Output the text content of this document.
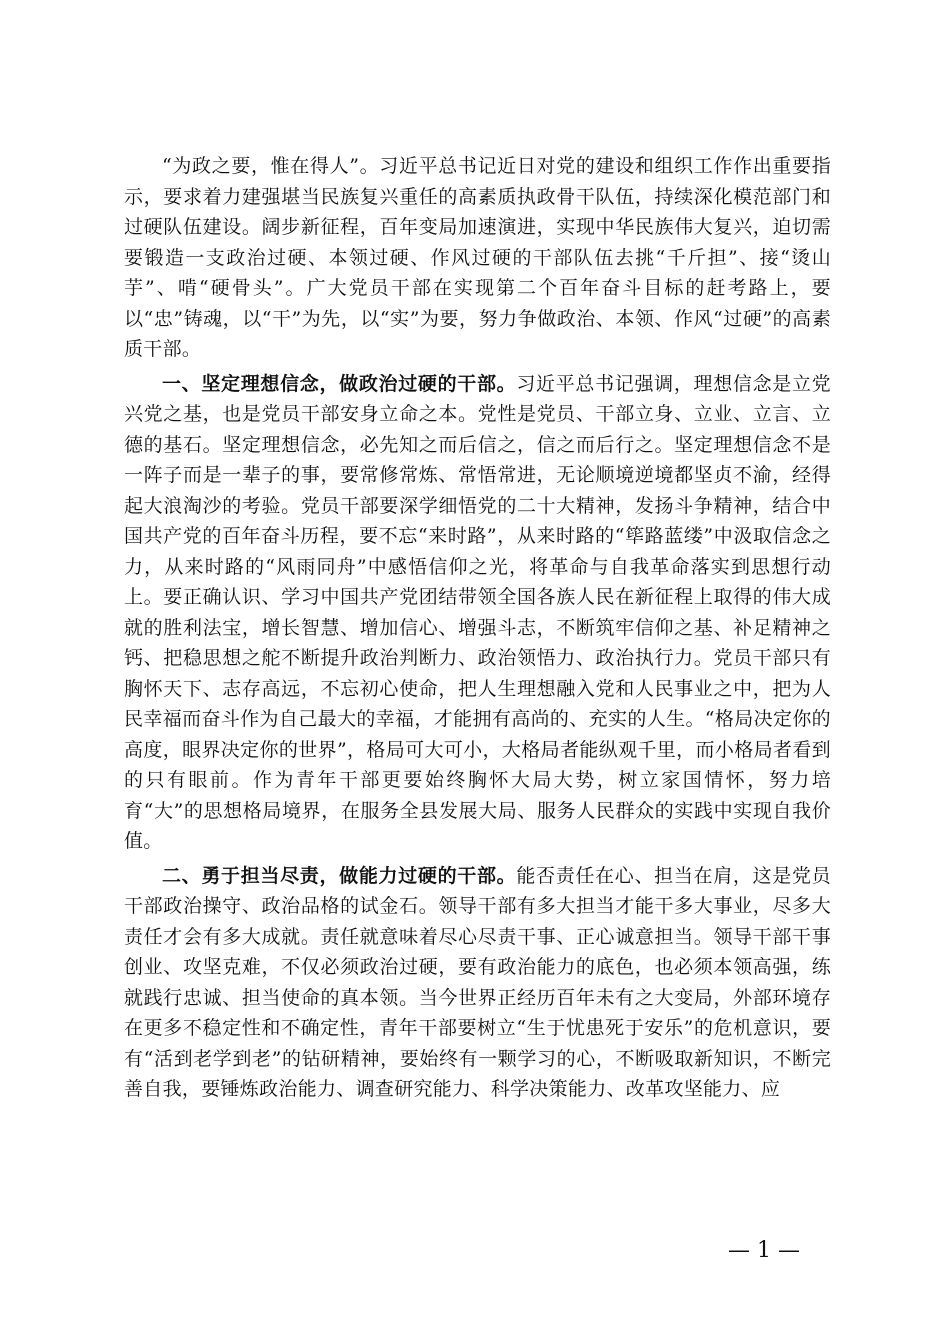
“为政之要，惟在得人”。习近平总书记近日对党的建设和组织工作作出重要指示，要求着力建强堪当民族复兴重任的高素质执政骨干队伍，持续深化模范部门和过硬队伍建设。阔步新征程，百年变局加速演进，实现中华民族伟大复兴，迫切需要锻造一支政治过硬、本领过硬、作风过硬的干部队伍去挑“千斤担”、接“烫山芋”、啃“硬骨头”。广大党员干部在实现第二个百年奋斗目标的赶考路上，要以“忠”铸魂，以“干”为先，以“实”为要，努力争做政治、本领、作风“过硬”的高素质干部。

一、坚定理想信念，做政治过硬的干部。习近平总书记强调，理想信念是立党兴党之基，也是党员干部安身立命之本。党性是党员、干部立身、立业、立言、立德的基石。坚定理想信念，必先知之而后信之，信之而后行之。坚定理想信念不是一阵子而是一辈子的事，要常修常炼、常悟常进，无论顺境逆境都坚贞不渝，经得起大浪淘沙的考验。党员干部要深学细悟党的二十大精神，发扬斗争精神，结合中国共产党的百年奋斗历程，要不忘“来时路”，从来时路的“筚路蓝缕”中汲取信念之力，从来时路的“风雨同舟”中感悟信仰之光，将革命与自我革命落实到思想行动上。要正确认识、学习中国共产党团结带领全国各族人民在新征程上取得的伟大成就的胜利法宝，增长智慧、增加信心、增强斗志，不断筑牢信仰之基、补足精神之钙、把稳思想之舵不断提升政治判断力、政治领悟力、政治执行力。党员干部只有胸怀天下、志存高远，不忘初心使命，把人生理想融入党和人民事业之中，把为人民幸福而奋斗作为自己最大的幸福，才能拥有高尚的、充实的人生。“格局决定你的高度，眼界决定你的世界”，格局可大可小，大格局者能纵观千里，而小格局者看到的只有眼前。作为青年干部更要始终胸怀大局大势，树立家国情怀，努力培育“大”的思想格局境界，在服务全县发展大局、服务人民群众的实践中实现自我价值。

二、勇于担当尽责，做能力过硬的干部。能否责任在心、担当在肩，这是党员干部政治操守、政治品格的试金石。领导干部有多大担当才能干多大事业，尽多大责任才会有多大成就。责任就意味着尽心尽责干事、正心诚意担当。领导干部干事创业、攻坚克难，不仅必须政治过硬，要有政治能力的底色，也必须本领高强，练就践行忠诚、担当使命的真本领。当今世界正经历百年未有之大变局，外部环境存在更多不稳定性和不确定性，青年干部要树立“生于忧患死于安乐”的危机意识，要有“活到老学到老”的钻研精神，要始终有一颗学习的心，不断吸取新知识，不断完善自我，要锤炼政治能力、调查研究能力、科学决策能力、改革攻坚能力、应

— 1 —
